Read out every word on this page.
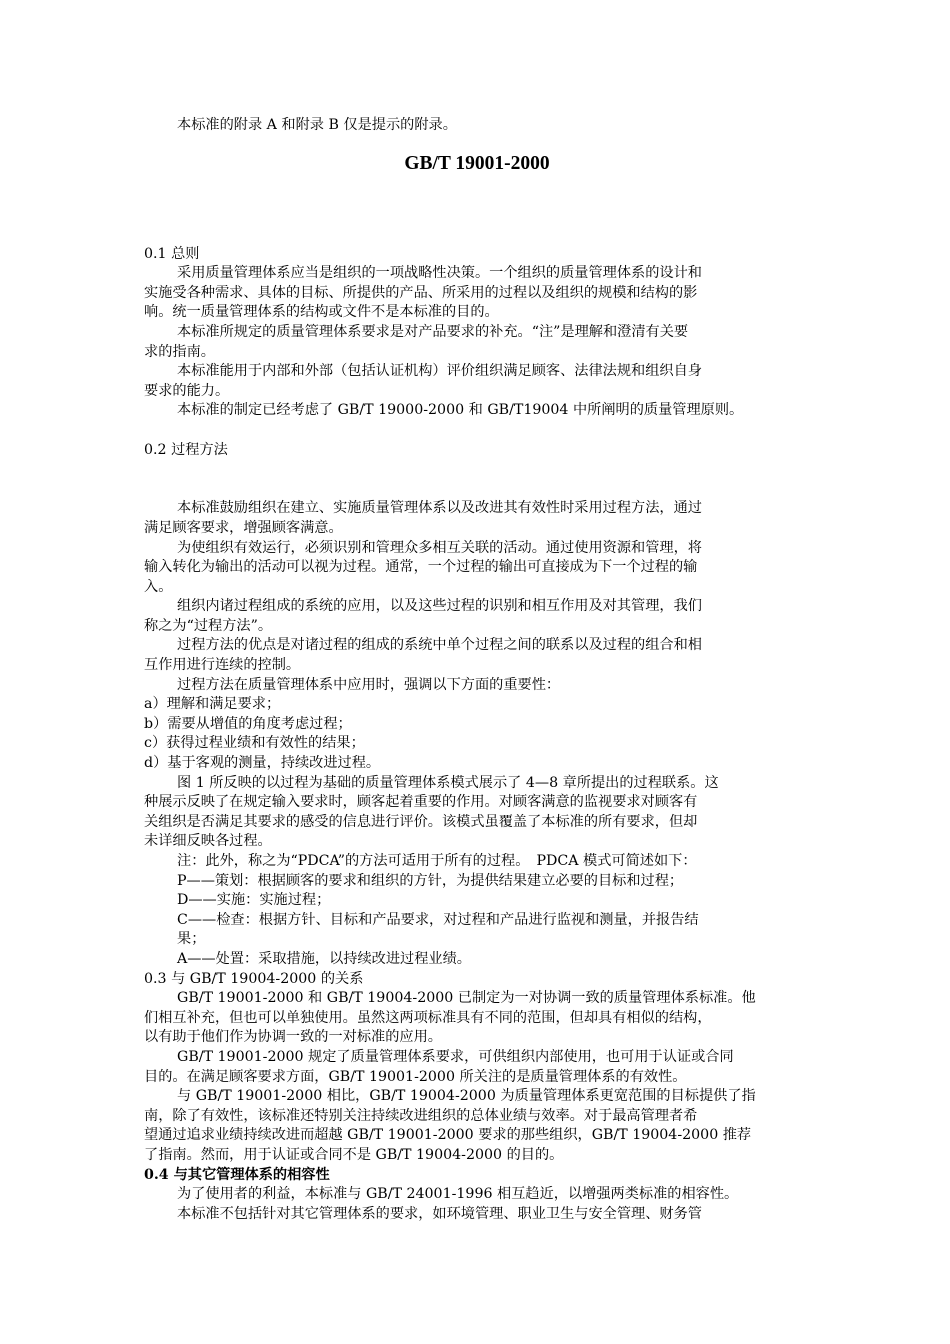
本标准的附录 A 和附录 B 仅是提示的附录。
GB/T 19001-2000
0.1 总则
采用质量管理体系应当是组织的一项战略性决策。一个组织的质量管理体系的设计和
实施受各种需求、具体的目标、所提供的产品、所采用的过程以及组织的规模和结构的影
响。统一质量管理体系的结构或文件不是本标准的目的。
本标准所规定的质量管理体系要求是对产品要求的补充。“注”是理解和澄清有关要
求的指南。
本标准能用于内部和外部（包括认证机构）评价组织满足顾客、法律法规和组织自身
要求的能力。
本标准的制定已经考虑了 GB/T 19000-2000 和 GB/T19004 中所阐明的质量管理原则。
0.2 过程方法
本标准鼓励组织在建立、实施质量管理体系以及改进其有效性时采用过程方法，通过
满足顾客要求，增强顾客满意。
为使组织有效运行，必须识别和管理众多相互关联的活动。通过使用资源和管理，将
输入转化为输出的活动可以视为过程。通常，一个过程的输出可直接成为下一个过程的输
入。
组织内诸过程组成的系统的应用，以及这些过程的识别和相互作用及对其管理，我们
称之为“过程方法”。
过程方法的优点是对诸过程的组成的系统中单个过程之间的联系以及过程的组合和相
互作用进行连续的控制。
过程方法在质量管理体系中应用时，强调以下方面的重要性：
a）理解和满足要求；
b）需要从增值的角度考虑过程；
c）获得过程业绩和有效性的结果；
d）基于客观的测量，持续改进过程。
图 1 所反映的以过程为基础的质量管理体系模式展示了 4—8 章所提出的过程联系。这
种展示反映了在规定输入要求时，顾客起着重要的作用。对顾客满意的监视要求对顾客有
关组织是否满足其要求的感受的信息进行评价。该模式虽覆盖了本标准的所有要求，但却
未详细反映各过程。
注：此外，称之为“PDCA”的方法可适用于所有的过程。　PDCA 模式可简述如下：
P——策划：根据顾客的要求和组织的方针，为提供结果建立必要的目标和过程；
D——实施：实施过程；
C——检查：根据方针、目标和产品要求，对过程和产品进行监视和测量，并报告结
果；
A——处置：采取措施，以持续改进过程业绩。
0.3 与 GB/T 19004-2000 的关系
GB/T 19001-2000 和 GB/T 19004-2000 已制定为一对协调一致的质量管理体系标准。他
们相互补充，但也可以单独使用。虽然这两项标准具有不同的范围，但却具有相似的结构，
以有助于他们作为协调一致的一对标准的应用。
GB/T 19001-2000 规定了质量管理体系要求，可供组织内部使用，也可用于认证或合同
目的。在满足顾客要求方面，GB/T 19001-2000 所关注的是质量管理体系的有效性。
与 GB/T 19001-2000 相比，GB/T 19004-2000 为质量管理体系更宽范围的目标提供了指
南，除了有效性，该标准还特别关注持续改进组织的总体业绩与效率。对于最高管理者希
望通过追求业绩持续改进而超越 GB/T 19001-2000 要求的那些组织，GB/T 19004-2000 推荐
了指南。然而，用于认证或合同不是 GB/T 19004-2000 的目的。
0.4 与其它管理体系的相容性
为了使用者的利益，本标准与 GB/T 24001-1996 相互趋近，以增强两类标准的相容性。
本标准不包括针对其它管理体系的要求，如环境管理、职业卫生与安全管理、财务管
